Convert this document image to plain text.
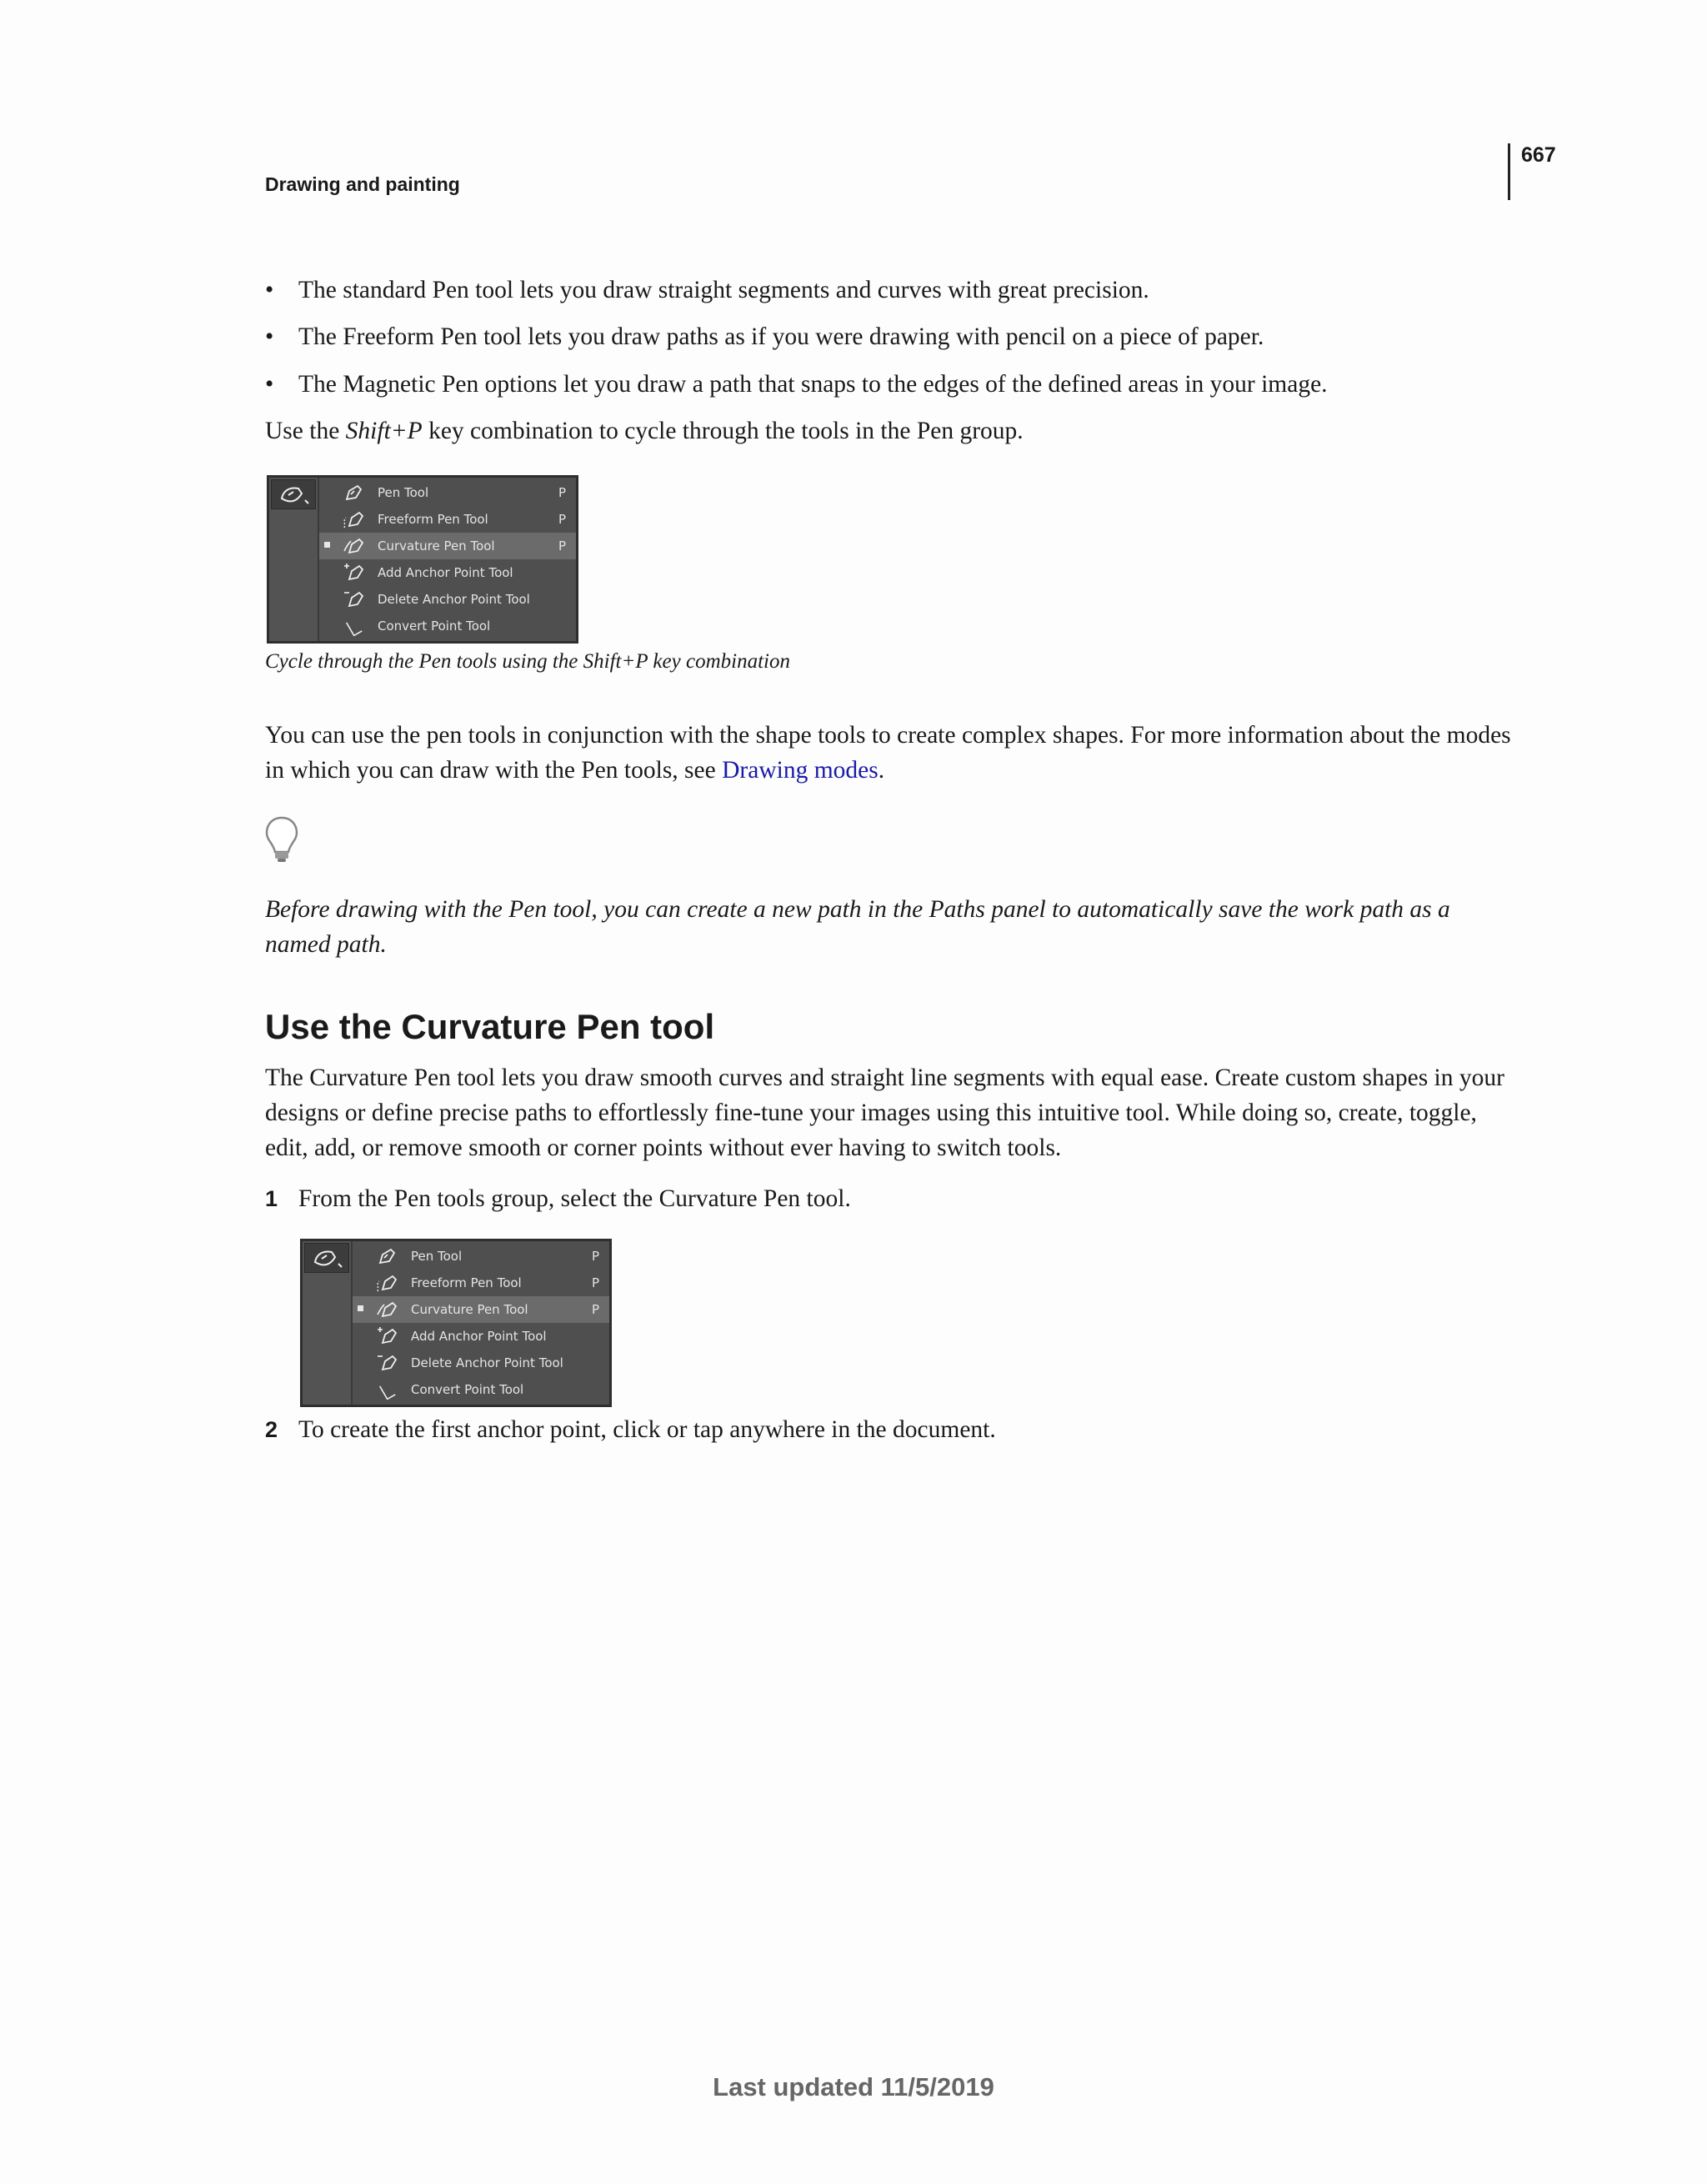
Drawing and painting
667
• The standard Pen tool lets you draw straight segments and curves with great precision.
• The Freeform Pen tool lets you draw paths as if you were drawing with pencil on a piece of paper.
• The Magnetic Pen options let you draw a path that snaps to the edges of the defined areas in your image.
Use the Shift+P key combination to cycle through the tools in the Pen group.
Pen Tool	P
Freeform Pen Tool	P
Curvature Pen Tool	P
Add Anchor Point Tool
Delete Anchor Point Tool
Convert Point Tool
Cycle through the Pen tools using the Shift+P key combination
You can use the pen tools in conjunction with the shape tools to create complex shapes. For more information about the modes in which you can draw with the Pen tools, see Drawing modes.
Before drawing with the Pen tool, you can create a new path in the Paths panel to automatically save the work path as a named path.
Use the Curvature Pen tool
The Curvature Pen tool lets you draw smooth curves and straight line segments with equal ease. Create custom shapes in your designs or define precise paths to effortlessly fine-tune your images using this intuitive tool. While doing so, create, toggle, edit, add, or remove smooth or corner points without ever having to switch tools.
1 From the Pen tools group, select the Curvature Pen tool.
Pen Tool	P
Freeform Pen Tool	P
Curvature Pen Tool	P
Add Anchor Point Tool
Delete Anchor Point Tool
Convert Point Tool
2 To create the first anchor point, click or tap anywhere in the document.
Last updated 11/5/2019
